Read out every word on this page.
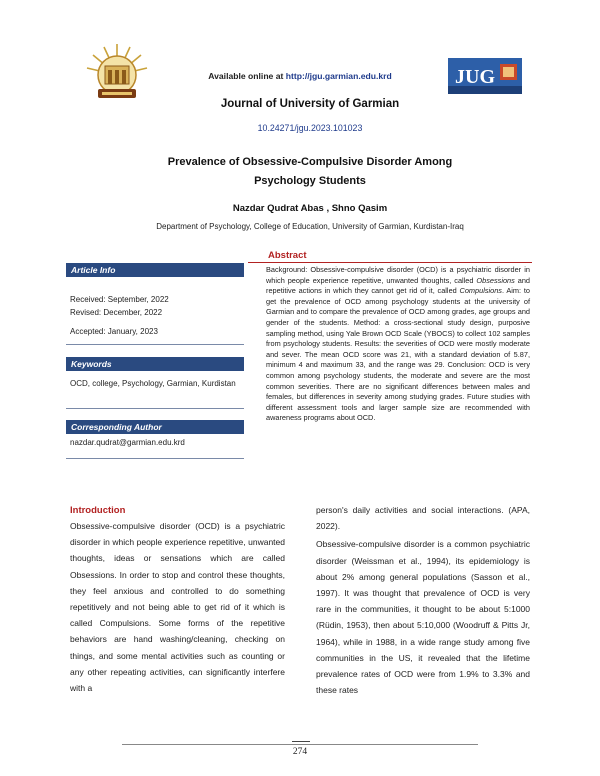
Available online at http://jgu.garmian.edu.krd	JUG
Journal of University of Garmian
10.24271/jgu.2023.101023
Prevalence of Obsessive-Compulsive Disorder Among
Psychology Students
Nazdar Qudrat Abas , Shno Qasim
Department of Psychology, College of Education, University of Garmian, Kurdistan-Iraq
Abstract
Background: Obsessive-compulsive disorder (OCD) is a psychiatric disorder in which people experience repetitive, unwanted thoughts, called Obsessions and repetitive actions in which they cannot get rid of it, called Compulsions. Aim: to get the prevalence of OCD among psychology students at the university of Garmian and to compare the prevalence of OCD among grades, age groups and gender of the students. Method: a cross-sectional study design, purposive sampling method, using Yale Brown OCD Scale (YBOCS) to collect 102 samples from psychology students. Results: the severities of OCD were mostly moderate and sever. The mean OCD score was 21, with a standard deviation of 5.87, minimum 4 and maximum 33, and the range was 29. Conclusion: OCD is very common among psychology students, the moderate and severe are the most common severities. There are no significant differences between males and females, but differences in severity among studying grades. Future studies with different assessment tools and larger sample size are recommended with awareness programs about OCD.
Article Info
Received: September, 2022
Revised: December, 2022
Accepted: January, 2023
Keywords
OCD, college, Psychology, Garmian, Kurdistan
Corresponding Author
nazdar.qudrat@garmian.edu.krd
Introduction

Obsessive-compulsive disorder (OCD) is a psychiatric disorder in which people experience repetitive, unwanted thoughts, ideas or sensations which are called Obsessions. In order to stop and control these thoughts, they feel anxious and controlled to do something repetitively and not being able to get rid of it which is called Compulsions. Some forms of the repetitive behaviors are hand washing/cleaning, checking on things, and some mental activities such as counting or any other repeating activities, can significantly interfere with a

person's daily activities and social interactions. (APA, 2022).

Obsessive-compulsive disorder is a common psychiatric disorder (Weissman et al., 1994), its epidemiology is about 2% among general populations (Sasson et al., 1997). It was thought that prevalence of OCD is very rare in the communities, it thought to be about 5:1000 (Rüdin, 1953), then about 5:10,000 (Woodruff & Pitts Jr, 1964), while in 1988, in a wide range study among five communities in the US, it revealed that the lifetime prevalence rates of OCD were from 1.9% to 3.3% and these rates

274
